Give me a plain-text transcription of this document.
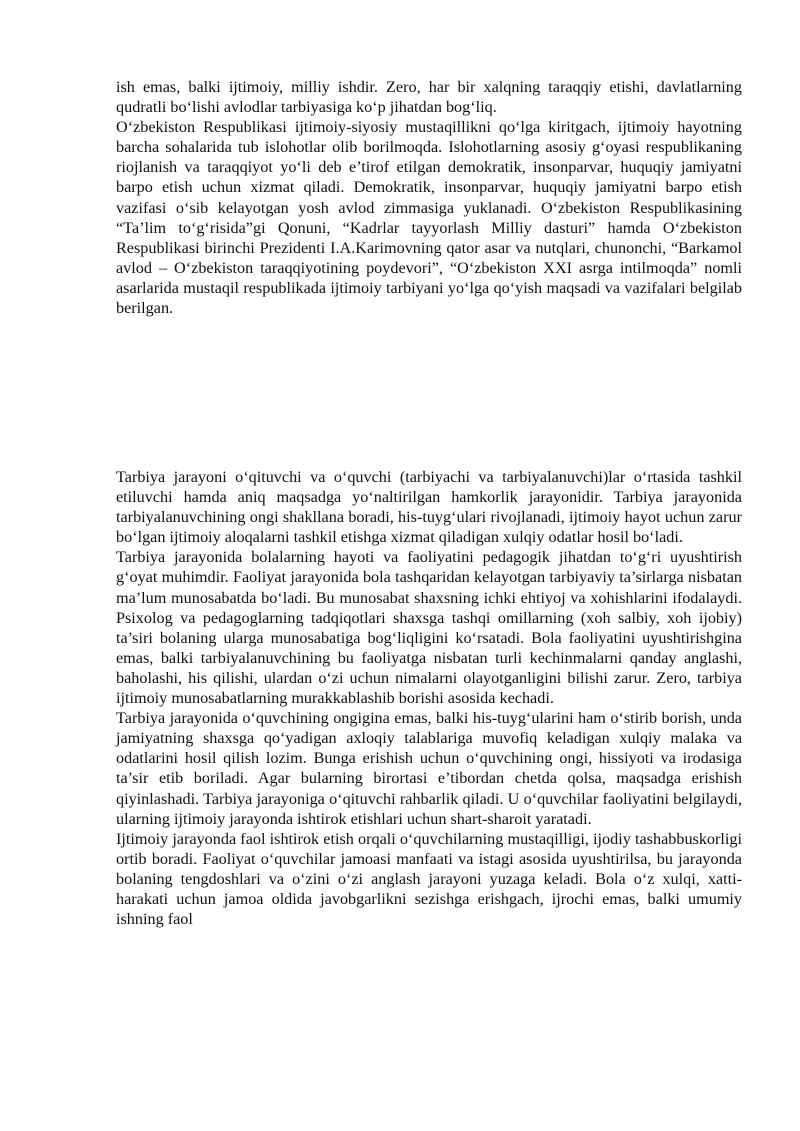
ish emas, balki ijtimoiy, milliy ishdir. Zero, har bir xalqning taraqqiy etishi, davlatlarning qudratli bo‘lishi avlodlar tarbiyasiga ko‘p jihatdan bog‘liq.

O‘zbekiston Respublikasi ijtimoiy-siyosiy mustaqillikni qo‘lga kiritgach, ijtimoiy hayotning barcha sohalarida tub islohotlar olib borilmoqda. Islohotlarning asosiy g‘oyasi respublikaning riojlanish va taraqqiyot yo‘li deb e’tirof etilgan demokratik, insonparvar, huquqiy jamiyatni barpo etish uchun xizmat qiladi. Demokratik, insonparvar, huquqiy jamiyatni barpo etish vazifasi o‘sib kelayotgan yosh avlod zimmasiga yuklanadi. O‘zbekiston Respublikasining “Ta’lim to‘g‘risida”gi Qonuni, “Kadrlar tayyorlash Milliy dasturi” hamda O‘zbekiston Respublikasi birinchi Prezidenti I.A.Karimovning qator asar va nutqlari, chunonchi, “Barkamol avlod – O‘zbekiston taraqqiyotining poydevori”, “O‘zbekiston XXI asrga intilmoqda” nomli asarlarida mustaqil respublikada ijtimoiy tarbiyani yo‘lga qo‘yish maqsadi va vazifalari belgilab berilgan.

Tarbiya jarayoni o‘qituvchi va o‘quvchi (tarbiyachi va tarbiyalanuvchi)lar o‘rtasida tashkil etiluvchi hamda aniq maqsadga yo‘naltirilgan hamkorlik jarayonidir. Tarbiya jarayonida tarbiyalanuvchining ongi shakllana boradi, his-tuyg‘ulari rivojlanadi, ijtimoiy hayot uchun zarur bo‘lgan ijtimoiy aloqalarni tashkil etishga xizmat qiladigan xulqiy odatlar hosil bo‘ladi.

Tarbiya jarayonida bolalarning hayoti va faoliyatini pedagogik jihatdan to‘g‘ri uyushtirish g‘oyat muhimdir. Faoliyat jarayonida bola tashqaridan kelayotgan tarbiyaviy ta’sirlarga nisbatan ma’lum munosabatda bo‘ladi. Bu munosabat shaxsning ichki ehtiyoj va xohishlarini ifodalaydi. Psixolog va pedagoglarning tadqiqotlari shaxsga tashqi omillarning (xoh salbiy, xoh ijobiy) ta’siri bolaning ularga munosabatiga bog‘liqligini ko‘rsatadi. Bola faoliyatini uyushtirishgina emas, balki tarbiyalanuvchining bu faoliyatga nisbatan turli kechinmalarni qanday anglashi, baholashi, his qilishi, ulardan o‘zi uchun nimalarni olayotganligini bilishi zarur. Zero, tarbiya ijtimoiy munosabatlarning murakkablashib borishi asosida kechadi.

Tarbiya jarayonida o‘quvchining ongigina emas, balki his-tuyg‘ularini ham o‘stirib borish, unda jamiyatning shaxsga qo‘yadigan axloqiy talablariga muvofiq keladigan xulqiy malaka va odatlarini hosil qilish lozim. Bunga erishish uchun o‘quvchining ongi, hissiyoti va irodasiga ta’sir etib boriladi. Agar bularning birortasi e’tibordan chetda qolsa, maqsadga erishish qiyinlashadi. Tarbiya jarayoniga o‘qituvchi rahbarlik qiladi. U o‘quvchilar faoliyatini belgilaydi, ularning ijtimoiy jarayonda ishtirok etishlari uchun shart-sharoit yaratadi.

Ijtimoiy jarayonda faol ishtirok etish orqali o‘quvchilarning mustaqilligi, ijodiy tashabbuskorligi ortib boradi. Faoliyat o‘quvchilar jamoasi manfaati va istagi asosida uyushtirilsa, bu jarayonda bolaning tengdoshlari va o‘zini o‘zi anglash jarayoni yuzaga keladi. Bola o‘z xulqi, xatti-harakati uchun jamoa oldida javobgarlikni sezishga erishgach, ijrochi emas, balki umumiy ishning faol
